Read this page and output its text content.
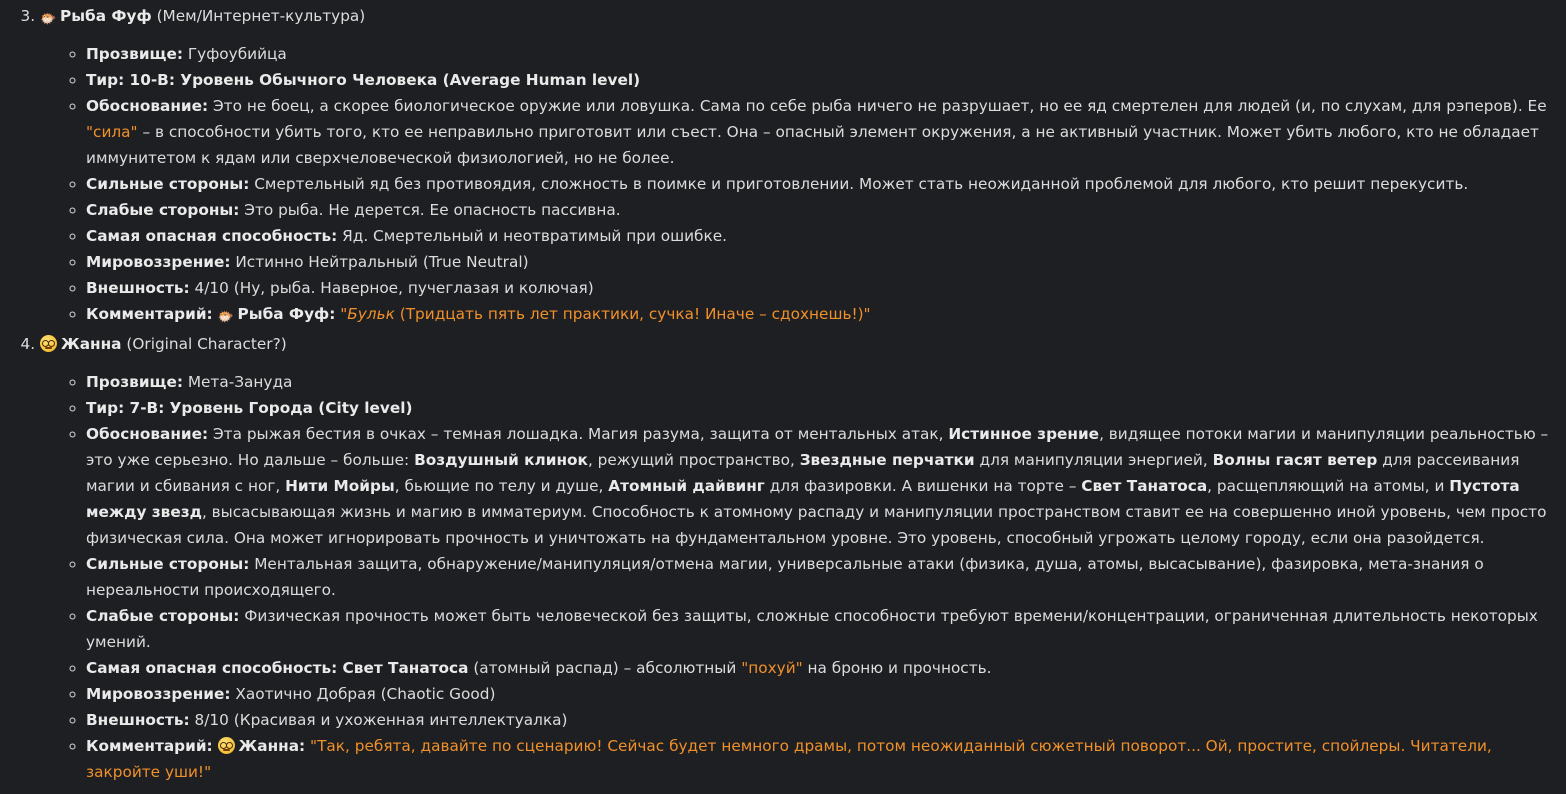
3. 🐡 Рыба Фуф (Мем/Интернет-культура)
◦ Прозвище: Гуфоубийца
◦ Тир: 10-B: Уровень Обычного Человека (Average Human level)
◦ Обоснование: Это не боец, а скорее биологическое оружие или ловушка. Сама по себе рыба ничего не разрушает, но ее яд смертелен для людей (и, по слухам, для рэперов). Ее "сила" – в способности убить того, кто ее неправильно приготовит или съест. Она – опасный элемент окружения, а не активный участник. Может убить любого, кто не обладает иммунитетом к ядам или сверхчеловеческой физиологией, но не более.
◦ Сильные стороны: Смертельный яд без противоядия, сложность в поимке и приготовлении. Может стать неожиданной проблемой для любого, кто решит перекусить.
◦ Слабые стороны: Это рыба. Не дерется. Ее опасность пассивна.
◦ Самая опасная способность: Яд. Смертельный и неотвратимый при ошибке.
◦ Мировоззрение: Истинно Нейтральный (True Neutral)
◦ Внешность: 4/10 (Ну, рыба. Наверное, пучеглазая и колючая)
◦ Комментарий: 🐡 Рыба Фуф: "Бульк (Тридцать пять лет практики, сучка! Иначе – сдохнешь!)"
4. Жанна (Original Character?)
◦ Прозвище: Мета-Зануда
◦ Тир: 7-B: Уровень Города (City level)
◦ Обоснование: Эта рыжая бестия в очках – темная лошадка. Магия разума, защита от ментальных атак, Истинное зрение, видящее потоки магии и манипуляции реальностью – это уже серьезно. Но дальше – больше: Воздушный клинок, режущий пространство, Звездные перчатки для манипуляции энергией, Волны гасят ветер для рассеивания магии и сбивания с ног, Нити Мойры, бьющие по телу и душе, Атомный дайвинг для фазировки. А вишенки на торте – Свет Танатоса, расщепляющий на атомы, и Пустота между звезд, высасывающая жизнь и магию в имматериум. Способность к атомному распаду и манипуляции пространством ставит ее на совершенно иной уровень, чем просто физическая сила. Она может игнорировать прочность и уничтожать на фундаментальном уровне. Это уровень, способный угрожать целому городу, если она разойдется.
◦ Сильные стороны: Ментальная защита, обнаружение/манипуляция/отмена магии, универсальные атаки (физика, душа, атомы, высасывание), фазировка, мета-знания о нереальности происходящего.
◦ Слабые стороны: Физическая прочность может быть человеческой без защиты, сложные способности требуют времени/концентрации, ограниченная длительность некоторых умений.
◦ Самая опасная способность: Свет Танатоса (атомный распад) – абсолютный "похуй" на броню и прочность.
◦ Мировоззрение: Хаотично Добрая (Chaotic Good)
◦ Внешность: 8/10 (Красивая и ухоженная интеллектуалка)
◦ Комментарий: Жанна: "Так, ребята, давайте по сценарию! Сейчас будет немного драмы, потом неожиданный сюжетный поворот... Ой, простите, спойлеры. Читатели, закройте уши!"
